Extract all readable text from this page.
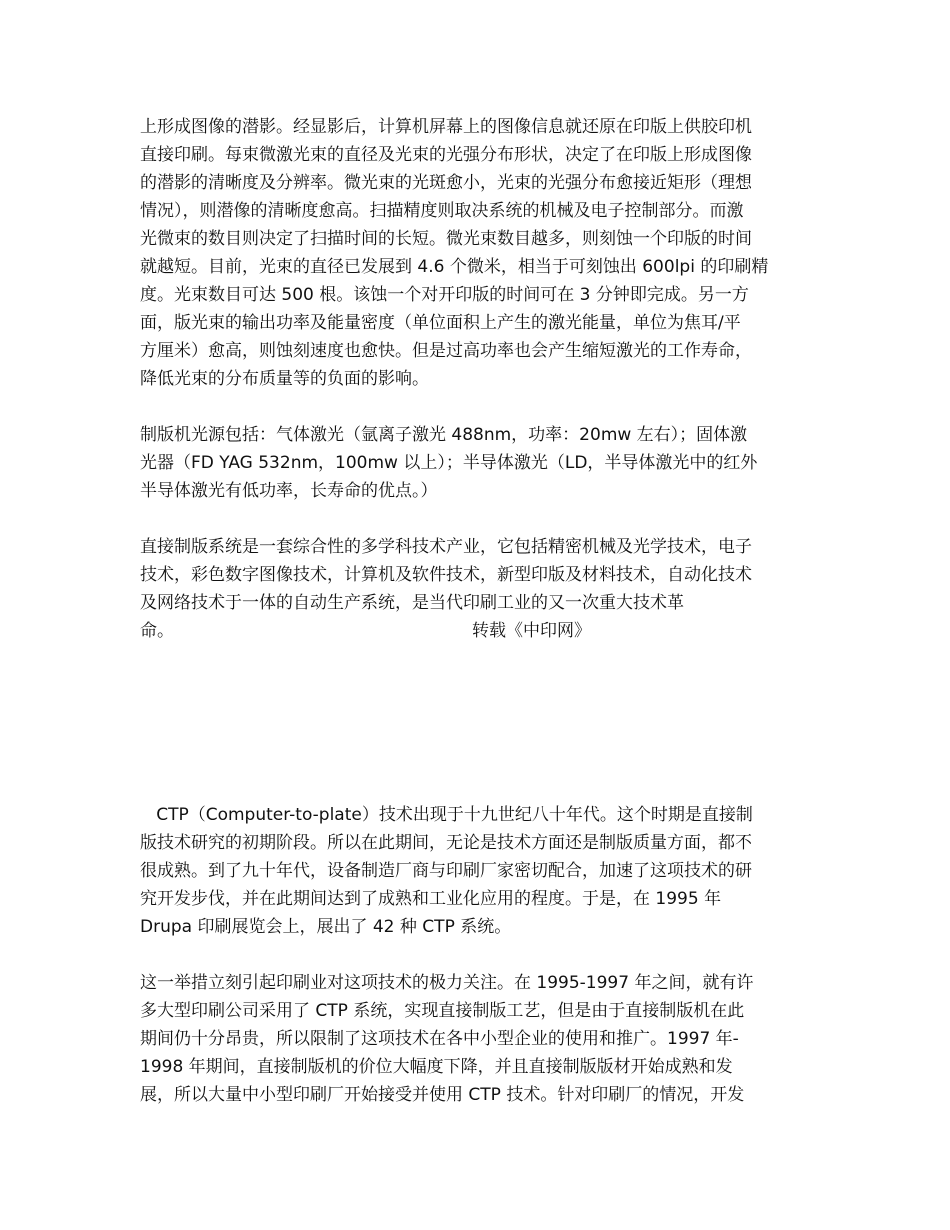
上形成图像的潜影。经显影后，计算机屏幕上的图像信息就还原在印版上供胶印机
直接印刷。每束微激光束的直径及光束的光强分布形状，决定了在印版上形成图像
的潜影的清晰度及分辨率。微光束的光斑愈小，光束的光强分布愈接近矩形（理想
情况），则潜像的清晰度愈高。扫描精度则取决系统的机械及电子控制部分。而激
光微束的数目则决定了扫描时间的长短。微光束数目越多，则刻蚀一个印版的时间
就越短。目前，光束的直径已发展到 4.6 个微米，相当于可刻蚀出 600lpi 的印刷精
度。光束数目可达 500 根。该蚀一个对开印版的时间可在 3 分钟即完成。另一方
面，版光束的输出功率及能量密度（单位面积上产生的激光能量，单位为焦耳/平
方厘米）愈高，则蚀刻速度也愈快。但是过高功率也会产生缩短激光的工作寿命，
降低光束的分布质量等的负面的影响。
制版机光源包括：气体激光（氩离子激光 488nm，功率：20mw 左右）；固体激
光器（FD YAG 532nm，100mw 以上）；半导体激光（LD，半导体激光中的红外
半导体激光有低功率，长寿命的优点。）
直接制版系统是一套综合性的多学科技术产业，它包括精密机械及光学技术，电子
技术，彩色数字图像技术，计算机及软件技术，新型印版及材料技术，自动化技术
及网络技术于一体的自动生产系统，是当代印刷工业的又一次重大技术革
命。	转载《中印网》
CTP（Computer-to-plate）技术出现于十九世纪八十年代。这个时期是直接制
版技术研究的初期阶段。所以在此期间，无论是技术方面还是制版质量方面，都不
很成熟。到了九十年代，设备制造厂商与印刷厂家密切配合，加速了这项技术的研
究开发步伐，并在此期间达到了成熟和工业化应用的程度。于是，在 1995 年
Drupa 印刷展览会上，展出了 42 种 CTP 系统。
这一举措立刻引起印刷业对这项技术的极力关注。在 1995-1997 年之间，就有许
多大型印刷公司采用了 CTP 系统，实现直接制版工艺，但是由于直接制版机在此
期间仍十分昂贵，所以限制了这项技术在各中小型企业的使用和推广。1997 年-
1998 年期间，直接制版机的价位大幅度下降，并且直接制版版材开始成熟和发
展，所以大量中小型印刷厂开始接受并使用 CTP 技术。针对印刷厂的情况，开发
